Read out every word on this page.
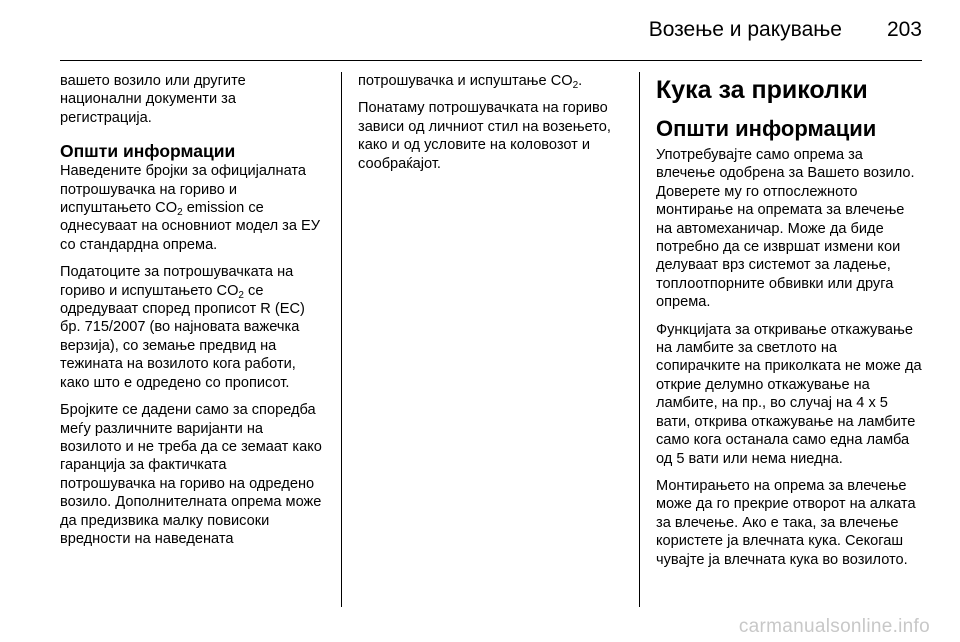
Возење и ракување 203

вашето возило или другите национални документи за регистрација.

Општи информации

Наведените бројки за официјалната потрошувачка на гориво и испуштањето $CO_2$ emission се однесуваат на основниот модел за ЕУ со стандардна опрема.

Податоците за потрошувачката на гориво и испуштањето $CO_2$ се одредуваат според прописот R (EC) бр. 715/2007 (во најновата важечка верзија), со земање предвид на тежината на возилото кога работи, како што е одредено со прописот.

Бројките се дадени само за споредба меѓу различните варијанти на возилото и не треба да се земаат како гаранција за фактичката потрошувачка на гориво на одредено возило. Дополнителната опрема може да предизвика малку повисоки вредности на наведената

потрошувачка и испуштање $CO_2$.

Понатаму потрошувачката на гориво зависи од личниот стил на возењето, како и од условите на коловозот и сообраќајот.

Кука за приколки
Општи информации

Употребувајте само опрема за влечење одобрена за Вашето возило. Доверете му го отпослежното монтирање на опремата за влечење на автомеханичар. Може да биде потребно да се извршат измени кои делуваат врз системот за ладење, топлоотпорните обвивки или друга опрема.

Функцијата за откривање откажување на ламбите за светлото на сопирачките на приколката не може да открие делумно откажување на ламбите, на пр., во случај на 4 x 5 вати, открива откажување на ламбите само кога останала само една ламба од 5 вати или нема ниедна.

Монтирањето на опрема за влечење може да го прекрие отворот на алката за влечење. Ако е така, за влечење користете ја влечната кука. Секогаш чувајте ја влечната кука во возилото.

carmanualsonline.info
